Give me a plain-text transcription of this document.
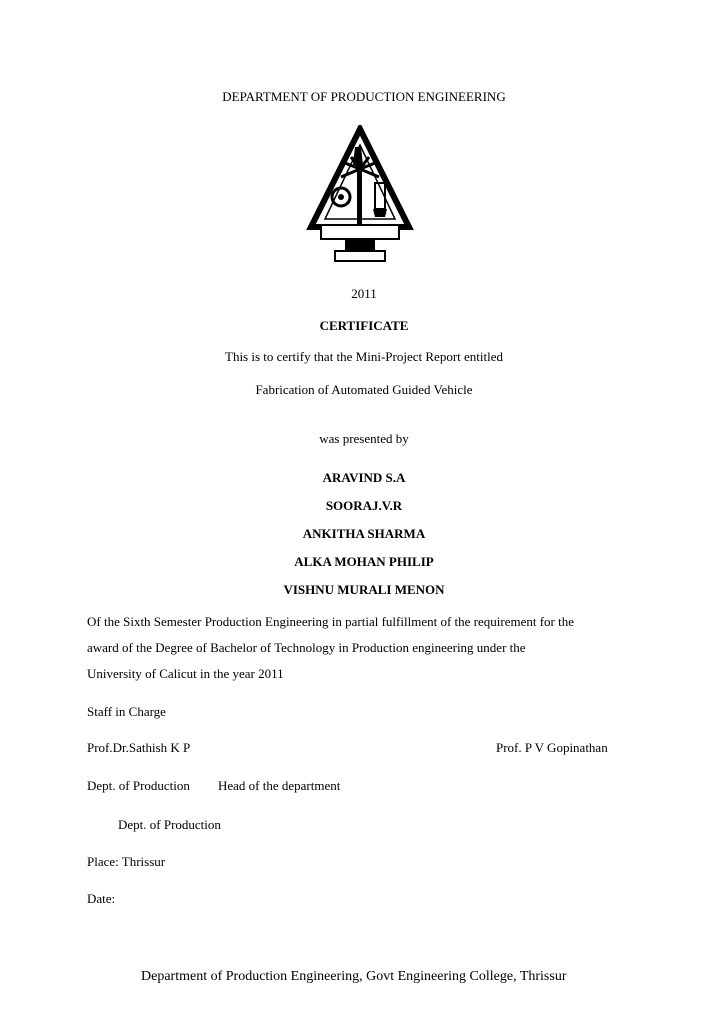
DEPARTMENT OF PRODUCTION ENGINEERING
2011
CERTIFICATE
This is to certify that the Mini-Project Report entitled
Fabrication of Automated Guided Vehicle
was presented by
ARAVIND S.A
SOORAJ.V.R
ANKITHA SHARMA
ALKA MOHAN PHILIP
VISHNU MURALI MENON
Of the Sixth Semester Production Engineering in partial fulfillment of the requirement for the
award of the Degree of Bachelor of Technology in Production engineering under the
University of Calicut in the year 2011
Staff in Charge
Prof.Dr.Sathish K P	Prof. P V Gopinathan
Dept. of Production Head of the department
Dept. of Production
Place: Thrissur
Date:
Department of Production Engineering, Govt Engineering College, Thrissur
